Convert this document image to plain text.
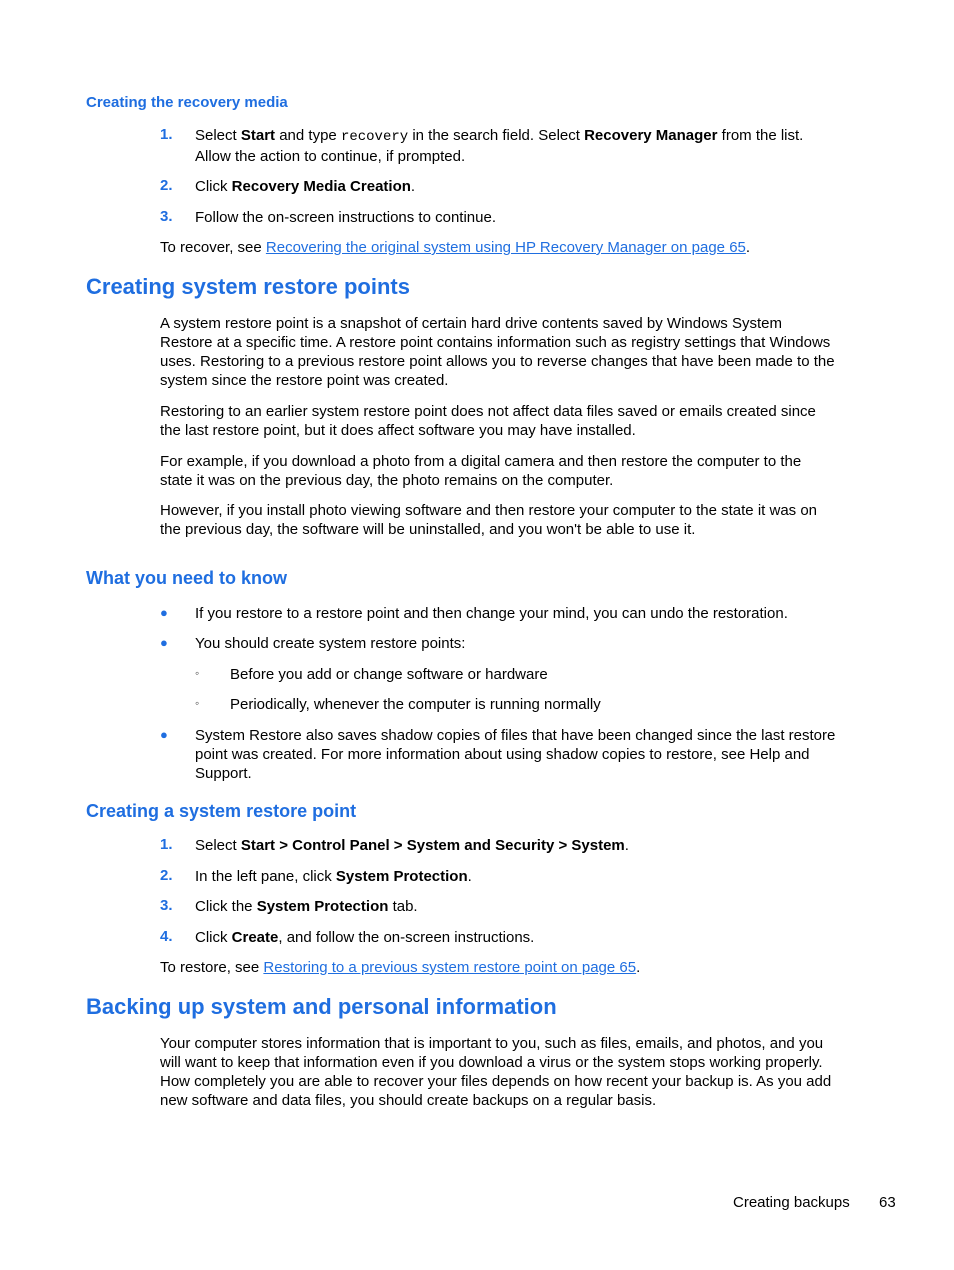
Creating the recovery media
1. Select Start and type recovery in the search field. Select Recovery Manager from the list.
Allow the action to continue, if prompted.
2. Click Recovery Media Creation.
3. Follow the on-screen instructions to continue.
To recover, see Recovering the original system using HP Recovery Manager on page 65.
Creating system restore points
A system restore point is a snapshot of certain hard drive contents saved by Windows System
Restore at a specific time. A restore point contains information such as registry settings that Windows
uses. Restoring to a previous restore point allows you to reverse changes that have been made to the
system since the restore point was created.
Restoring to an earlier system restore point does not affect data files saved or emails created since
the last restore point, but it does affect software you may have installed.
For example, if you download a photo from a digital camera and then restore the computer to the
state it was on the previous day, the photo remains on the computer.
However, if you install photo viewing software and then restore your computer to the state it was on
the previous day, the software will be uninstalled, and you won't be able to use it.
What you need to know
● If you restore to a restore point and then change your mind, you can undo the restoration.
● You should create system restore points:
◦ Before you add or change software or hardware
◦ Periodically, whenever the computer is running normally
● System Restore also saves shadow copies of files that have been changed since the last restore
point was created. For more information about using shadow copies to restore, see Help and
Support.
Creating a system restore point
1. Select Start > Control Panel > System and Security > System.
2. In the left pane, click System Protection.
3. Click the System Protection tab.
4. Click Create, and follow the on-screen instructions.
To restore, see Restoring to a previous system restore point on page 65.
Backing up system and personal information
Your computer stores information that is important to you, such as files, emails, and photos, and you
will want to keep that information even if you download a virus or the system stops working properly.
How completely you are able to recover your files depends on how recent your backup is. As you add
new software and data files, you should create backups on a regular basis.
Creating backups 63
